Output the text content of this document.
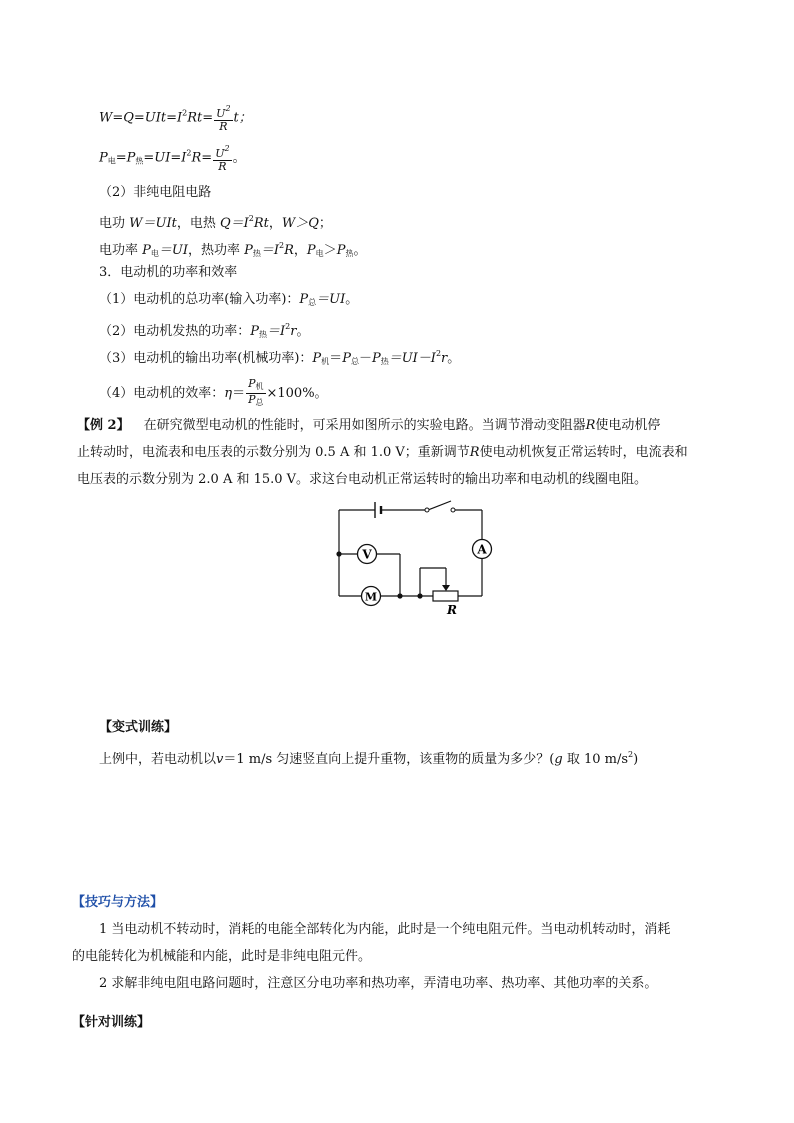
$W=Q=UIt=I^2Rt= \frac{U^2}{R}$ t；
$P_电=P_热=UI=I^2R= \frac{U^2}{R}$ 。
（2）非纯电阻电路
电功 W＝UIt，电热 $Q=I^2Rt$，W＞Q；
电功率 $P_电=UI$，热功率 $P_热=I^2R$，$P_电>P_热$。
3．电动机的功率和效率
（1）电动机的总功率(输入功率)：$P_总=UI$。
（2）电动机发热的功率：$P_热=I^2r$。
（3）电动机的输出功率(机械功率)：$P_机=P_总-P_热=UI-I^2r$。
（4）电动机的效率：$\eta= \frac{P_机}{P_总} \times 100\%$。
【例 2】 在研究微型电动机的性能时，可采用如图所示的实验电路。当调节滑动变阻器R使电动机停
止转动时，电流表和电压表的示数分别为 0.5 A 和 1.0 V；重新调节R使电动机恢复正常运转时，电流表和
电压表的示数分别为 2.0 A 和 15.0 V。求这台电动机正常运转时的输出功率和电动机的线圈电阻。
V	A
M
R
【变式训练】
上例中，若电动机以v＝1 m/s 匀速竖直向上提升重物，该重物的质量为多少？(g 取 10 $m/s^2$)
【技巧与方法】
1 当电动机不转动时，消耗的电能全部转化为内能，此时是一个纯电阻元件。当电动机转动时，消耗
的电能转化为机械能和内能，此时是非纯电阻元件。
2 求解非纯电阻电路问题时，注意区分电功率和热功率，弄清电功率、热功率、其他功率的关系。
【针对训练】
